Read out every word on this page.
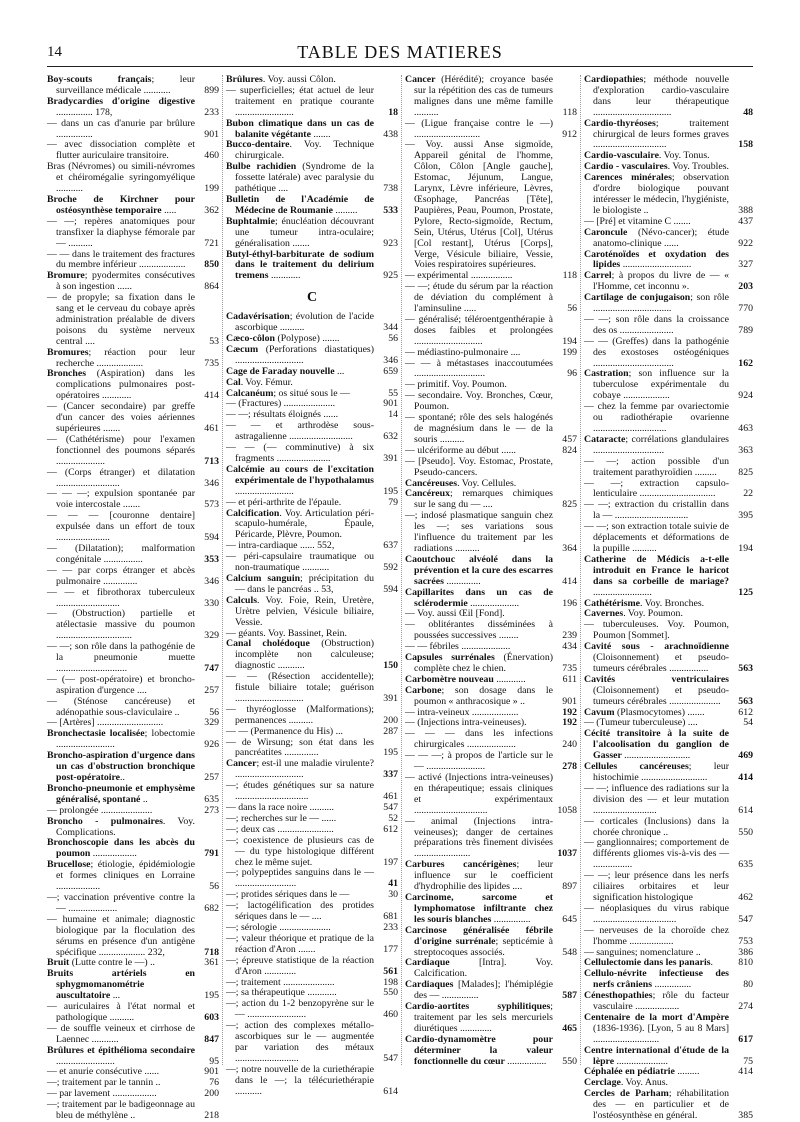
14	TABLE DES MATIERES
Boy-scouts français; leur surveillance médicale ...........	899
Bradycardies d'origine digestive ............... 178,	233
— dans un cas d'anurie par brûlure ...............	901
— avec dissociation complète et flutter auriculaire transitoire.	460
Bras (Névromes) ou simili-névromes et chéiromégalie syringomyélique ...........	199
Broche de Kirchner pour ostéosynthèse temporaire .....	362
— —; repères anatomiques pour transfixer la diaphyse fémorale par — ..........	721
— — dans le traitement des fractures du membre inférieur ...................	850
Bromure; pyodermites consécutives à son ingestion ......	864
— de propyle; sa fixation dans le sang et le cerveau du cobaye après administration préalable de divers poisons du système nerveux central ....	53
Bromures; réaction pour leur recherche ...................	735
Bronches (Aspiration) dans les complications pulmonaires post-opératoires ............	414
— (Cancer secondaire) par greffe d'un cancer des voies aériennes supérieures .......	461
— (Cathétérisme) pour l'examen fonctionnel des poumons séparés ....................	713
— (Corps étranger) et dilatation ..........................	346
— — —; expulsion spontanée par voie intercostale .......	573
— — — [couronne dentaire] expulsée dans un effort de toux ......................	594
— (Dilatation); malformation congénitale ................	353
— — par corps étranger et abcès pulmonaire ..............	346
— — et fibrothorax tuberculeux ..........................	330
— (Obstruction) partielle et atélectasie massive du poumon ...............................	329
— —; son rôle dans la pathogénie de la pneumonie muette .............................	747
— (— post-opératoire) et broncho-aspiration d'urgence ....	257
— (Sténose cancéreuse) et adénopathie sous-claviculaire ..	56
— [Artères] ...........................	329
Bronchectasie localisée; lobectomie ........................	926
Broncho-aspiration d'urgence dans un cas d'obstruction bronchique post-opératoire..	257
Broncho-pneumonie et emphysème généralisé, spontané ..	635
— prolongée .....................	273
Broncho - pulmonaires. Voy. Complications.
Bronchoscopie dans les abcès du poumon ..................	791
Brucellose; étiologie, épidémiologie et formes cliniques en Lorraine ..................	56
—; vaccination préventive contre la — ....................	682
— humaine et animale; diagnostic biologique par la floculation des sérums en présence d'un antigène spécifique ................... 232,	718
Bruit (Lutte contre le —) ..	361
Bruits artériels en sphygmomanométrie auscultatoire ...	195
— auriculaires à l'état normal et pathologique ..........	603
— de souffle veineux et cirrhose de Laennec ...........	847
Brûlures et épithélioma secondaire ........................	95
— et anurie consécutive ......	901
—; traitement par le tannin ..	76
— par lavement ..................	200
—; traitement par le badigeonnage au bleu de méthylène ..	218
Brûlures. Voy. aussi Côlon.
— superficielles; état actuel de leur traitement en pratique courante ........................	18
Bubon climatique dans un cas de balanite végétante .......	438
Bucco-dentaire. Voy. Technique chirurgicale.
Bulbe rachidien (Syndrome de la fossette latérale) avec paralysie du pathétique ....	738
Bulletin de l'Académie de Médecine de Roumanie .........	533
Buphtalmie; énucléation découvrant une tumeur intra-oculaire; généralisation .......	923
Butyl-éthyl-barbiturate de sodium dans le traitement du delirium tremens ............	925
C
Cadavérisation; évolution de l'acide ascorbique ..........	344
Cæco-côlon (Polypose) .......	56
Cæcum (Perforations diastatiques) ............................	346
Cage de Faraday nouvelle ...	659
Cal. Voy. Fémur.
Calcanéum; os situé sous le —	55
— (Fractures) .....................	901
— —; résultats éloignés ......	14
— — et arthrodèse sous-astragalienne ..........................	632
— — (— comminutive) à six fragments ......................	391
Calcémie au cours de l'excitation expérimentale de l'hypothalamus ........................	195
— et péri-arthrite de l'épaule.	79
Calcification. Voy. Articulation péri-scapulo-humérale, Épaule, Péricarde, Plèvre, Poumon.
— intra-cardiaque ...... 552,	637
— péri-capsulaire traumatique ou non-traumatique ...........	592
Calcium sanguin; précipitation du — dans le pancréas .. 53,	594
Calculs. Voy. Foie, Rein, Uretère, Urètre pelvien, Vésicule biliaire, Vessie.
— géants. Voy. Bassinet, Rein.
Canal cholédoque (Obstruction) incomplète non calculeuse; diagnostic ...........	150
— — (Résection accidentelle); fistule biliaire totale; guérison ............................	391
— thyréoglosse (Malformations); permanences ..........	200
— — (Permanence du His) ...	287
— de Wirsung; son état dans les pancréatites ..............	195
Cancer; est-il une maladie virulente? ............................	337
—; études génétiques sur sa nature ..............................	461
— dans la race noire ..........	547
—; recherches sur le — ......	52
—; deux cas .......................	612
—; coexistence de plusieurs cas de — du type histologique différent chez le même sujet.	197
—; polypeptides sanguins dans le — .........................	41
—; protides sériques dans le —	30
—; lactogélification des protides sériques dans le — ....	681
—; sérologie .....................	233
—; valeur théorique et pratique de la réaction d'Aron .......	177
—; épreuve statistique de la réaction d'Aron .............	561
—; traitement .....................	198
—; sa thérapeutique ............	550
—; action du 1-2 benzopyrène sur le — ........................	460
—; action des complexes métallo-ascorbiques sur le — augmentée par variation des métaux ..........................	547
—; notre nouvelle de la curiethérapie dans le —; la télécuriethérapie ...........	614
Cancer (Hérédité); croyance basée sur la répétition des cas de tumeurs malignes dans une même famille ..........	118
— (Ligue française contre le —) ...........................	912
— Voy. aussi Anse sigmoïde, Appareil génital de l'homme, Côlon, Côlon [Angle gauche], Estomac, Jéjunum, Langue, Larynx, Lèvre inférieure, Lèvres, Œsophage, Pancréas [Tête], Paupières, Peau, Poumon, Prostate, Pylore, Recto-sigmoïde, Rectum, Sein, Utérus, Utérus [Col], Utérus [Col restant], Utérus [Corps], Verge, Vésicule biliaire, Vessie, Voies respiratoires supérieures.
— expérimental .................	118
— —; étude du sérum par la réaction de déviation du complément à l'aminsuline .....	56
— généralisé; téléroentgenthérapie à doses faibles et prolongées ............................	194
— médiastino-pulmonaire ....	199
— — à métastases inaccoutumées .............................	96
— primitif. Voy. Poumon.
— secondaire. Voy. Bronches, Cœur, Poumon.
— spontané; rôle des sels halogénés de magnésium dans le — de la souris ..........	457
— ulcériforme au début ......	824
— [Pseudo]. Voy. Estomac, Prostate, Pseudo-cancers.
Cancéreuses. Voy. Cellules.
Cancéreux; remarques chimiques sur le sang du — ....	825
—; indosé plasmatique sanguin chez les —; ses variations sous l'influence du traitement par les radiations ..........	364
Caoutchouc alvéolé dans la prévention et la cure des escarres sacrées ..............	414
Capillarites dans un cas de sclérodermie ....................	196
— Voy. aussi Œil [Fond].
— oblitérantes disséminées à poussées successives ........	239
— — fébriles ....................	434
Capsules surrénales (Énervation) complète chez le chien.	735
Carbomètre nouveau ............	611
Carbone; son dosage dans le poumon « anthracosique » ..	901
— intra-veineux ...................	192
— (Injections intra-veineuses).	192
— — — dans les infections chirurgicales ....................	240
— — —; à propos de l'article sur le — ........................	278
— activé (Injections intra-veineuses) en thérapeutique; essais cliniques et expérimentaux ..............................	1058
— animal (Injections intra-veineuses); danger de certaines préparations très finement divisées .......................	1037
Carbures cancérigènes; leur influence sur le coefficient d'hydrophilie des lipides ....	897
Carcinome, sarcome et lymphomatose infiltrante chez les souris blanches ...............	645
Carcinose généralisée fébrile d'origine surrénale; septicémie à streptocoques associés.	548
Cardiaque [Intra]. Voy. Calcification.
Cardiaques [Malades]; l'hémiplégie des — ...............	587
Cardio-aortites syphilitiques; traitement par les sels mercuriels diurétiques .............	465
Cardio-dynamomètre pour déterminer la valeur fonctionnelle du cœur ................	550
Cardiopathies; méthode nouvelle d'exploration cardio-vasculaire dans leur thérapeutique ................................	48
Cardio-thyréoses; traitement chirurgical de leurs formes graves ..............................	158
Cardio-vasculaire. Voy. Tonus.
Cardio - vasculaires. Voy. Troubles.
Carences minérales; observation d'ordre biologique pouvant intéresser le médecin, l'hygiéniste, le biologiste ..	388
— [Pré] et vitamine C .......	437
Caroncule (Névo-cancer); étude anatomo-clinique ......	922
Caroténoïdes et oxydation des lipides ............................	327
Carrel; à propos du livre de — « l'Homme, cet inconnu ».	203
Cartilage de conjugaison; son rôle ................................	770
— —; son rôle dans la croissance des os ......................	789
— — (Greffes) dans la pathogénie des exostoses ostéogéniques .................................	162
Castration; son influence sur la tuberculose expérimentale du cobaye ...................	924
— chez la femme par ovariectomie ou radiothérapie ovarienne ..............................	463
Cataracte; corrélations glandulaires .............................	363
— —; action possible d'un traitement parathyroïdien .........	825
— —; extraction capsulo-lenticulaire ...............................	22
— —; extraction du cristallin dans la — ..............................	395
— —; son extraction totale suivie de déplacements et déformations de la pupille ..........	194
Catherine de Médicis a-t-elle introduit en France le haricot dans sa corbeille de mariage? ........................	125
Cathétérisme. Voy. Bronches.
Cavernes. Voy. Poumon.
— tuberculeuses. Voy. Poumon, Poumon [Sommet].
Cavité sous - arachnoïdienne (Cloisonnement) et pseudo-tumeurs cérébrales ................	563
Cavités ventriculaires (Cloisonnement) et pseudo-tumeurs cérébrales .....................	563
Cavum (Plasmocytomes) .......	612
— (Tumeur tuberculeuse) ....	54
Cécité transitoire à la suite de l'alcoolisation du ganglion de Gasser ...........................	469
Cellules cancéreuses; leur histochimie ...........................	414
— —; influence des radiations sur la division des — et leur mutation ..........................	614
— corticales (Inclusions) dans la chorée chronique ..	550
— ganglionnaires; comportement de différents gliomes vis-à-vis des — ................	635
— —; leur présence dans les nerfs ciliaires orbitaires et leur signification histologique	462
— néoplasiques du virus rabique ..................................	547
— nerveuses de la choroïde chez l'homme ..................	753
— sanguines; nomenclature ..	386
Cellulectomie dans les panaris.	810
Cellulo-névrite infectieuse des nerfs crâniens ...............	80
Cénesthopathies; rôle du facteur vasculaire ..................	274
Centenaire de la mort d'Ampère (1836-1936). [Lyon, 5 au 8 Mars] ...........................	617
Centre international d'étude de la lèpre .....................	75
Céphalée en pédiatrie .........	414
Cerclage. Voy. Anus.
Cercles de Parham; réhabilitation des — en particulier et de l'ostéosynthèse en général.	385
